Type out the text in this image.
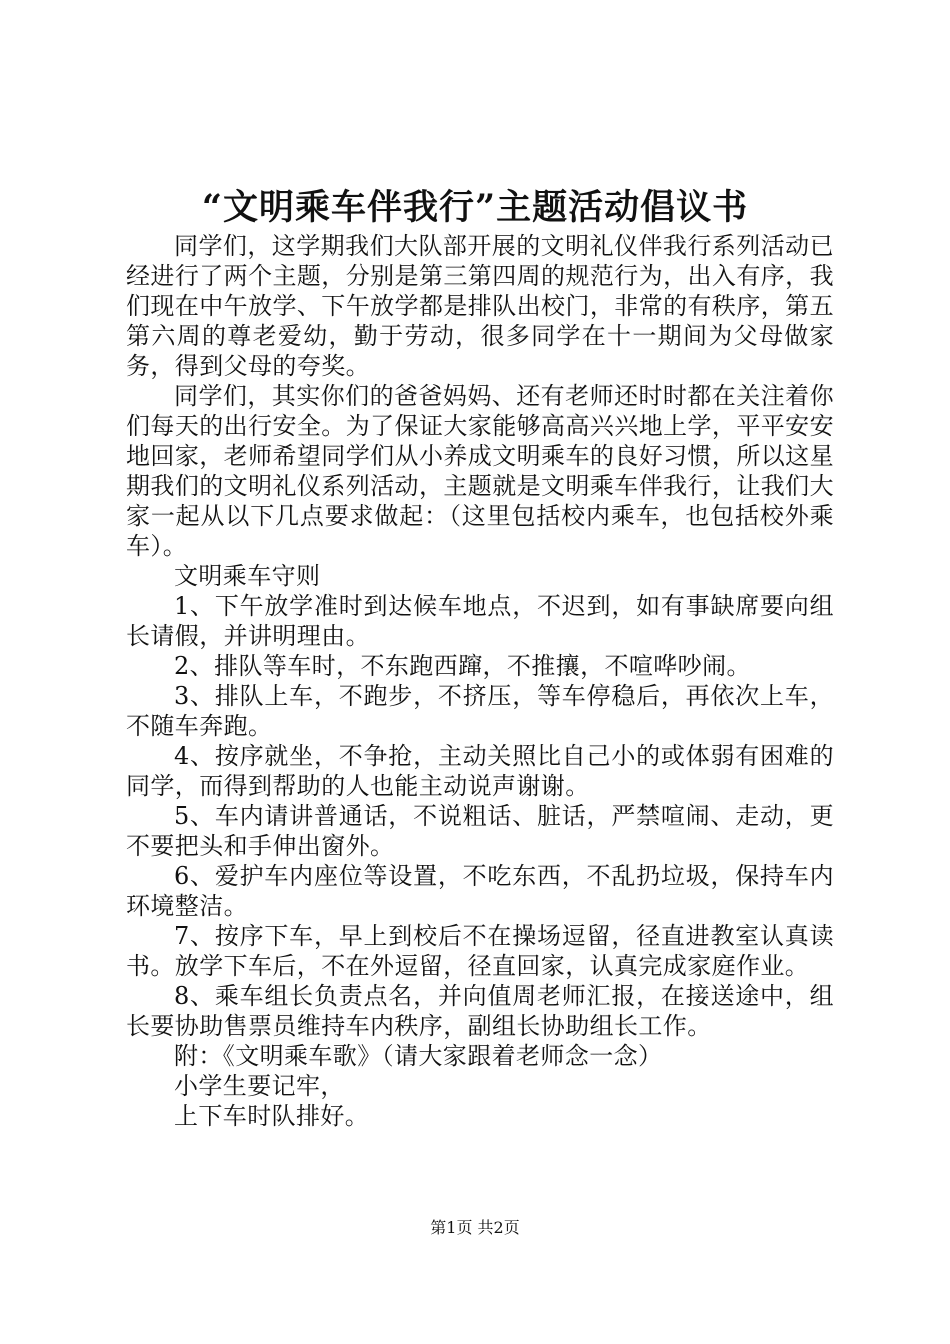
“文明乘车伴我行”主题活动倡议书

同学们，这学期我们大队部开展的文明礼仪伴我行系列活动已经进行了两个主题，分别是第三第四周的规范行为，出入有序，我们现在中午放学、下午放学都是排队出校门，非常的有秩序，第五第六周的尊老爱幼，勤于劳动，很多同学在十一期间为父母做家务，得到父母的夸奖。

同学们，其实你们的爸爸妈妈、还有老师还时时都在关注着你们每天的出行安全。为了保证大家能够高高兴兴地上学，平平安安地回家，老师希望同学们从小养成文明乘车的良好习惯，所以这星期我们的文明礼仪系列活动，主题就是文明乘车伴我行，让我们大家一起从以下几点要求做起：（这里包括校内乘车，也包括校外乘车）。

文明乘车守则

1、下午放学准时到达候车地点，不迟到，如有事缺席要向组长请假，并讲明理由。

2、排队等车时，不东跑西蹿，不推攘，不喧哗吵闹。

3、排队上车，不跑步，不挤压，等车停稳后，再依次上车，不随车奔跑。

4、按序就坐，不争抢，主动关照比自己小的或体弱有困难的同学，而得到帮助的人也能主动说声谢谢。

5、车内请讲普通话，不说粗话、脏话，严禁喧闹、走动，更不要把头和手伸出窗外。

6、爱护车内座位等设置，不吃东西，不乱扔垃圾，保持车内环境整洁。

7、按序下车，早上到校后不在操场逗留，径直进教室认真读书。放学下车后，不在外逗留，径直回家，认真完成家庭作业。

8、乘车组长负责点名，并向值周老师汇报，在接送途中，组长要协助售票员维持车内秩序，副组长协助组长工作。

附：《文明乘车歌》（请大家跟着老师念一念）

小学生要记牢，

上下车时队排好。

第1页 共2页
